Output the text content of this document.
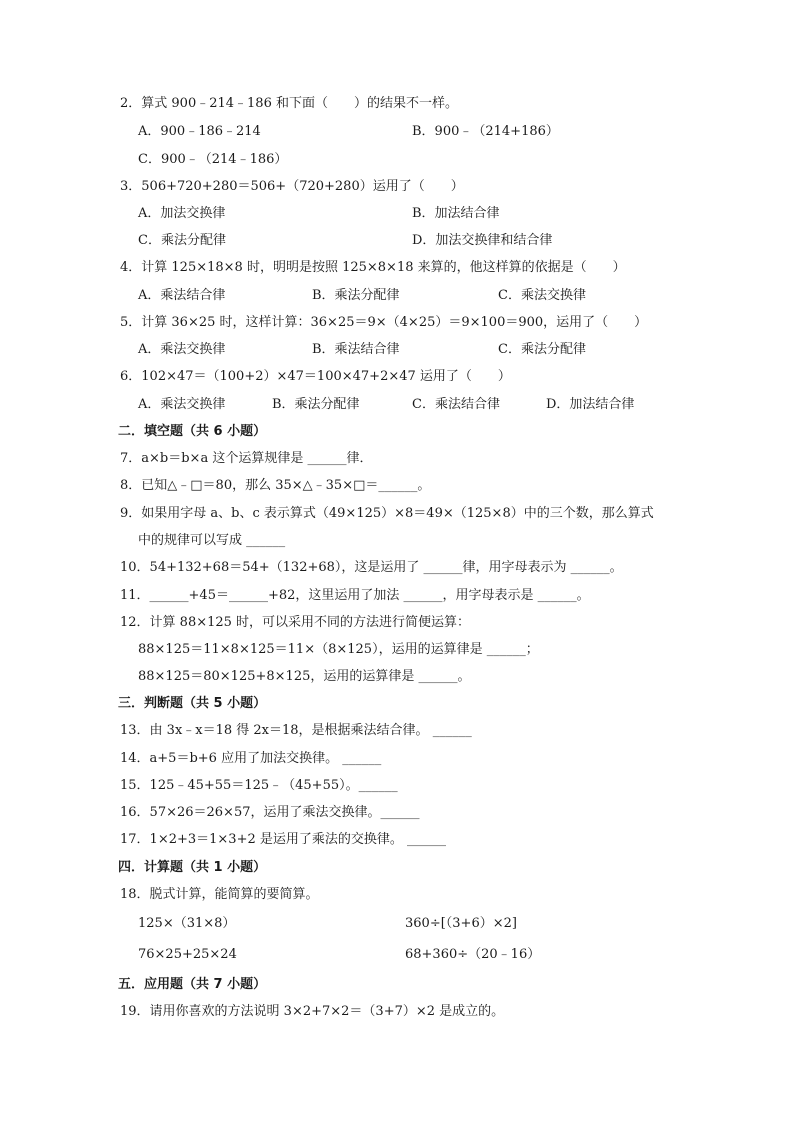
2．算式 900﹣214﹣186 和下面（　　）的结果不一样。
A．900﹣186﹣214	B．900﹣（214+186）
C．900﹣（214﹣186）
3．506+720+280＝506+（720+280）运用了（　　）
A．加法交换律	B．加法结合律
C．乘法分配律	D．加法交换律和结合律
4．计算 125×18×8 时，明明是按照 125×8×18 来算的，他这样算的依据是（　　）
A．乘法结合律	B．乘法分配律	C．乘法交换律
5．计算 36×25 时，这样计算：36×25＝9×（4×25）＝9×100＝900，运用了（　　）
A．乘法交换律	B．乘法结合律	C．乘法分配律
6．102×47＝（100+2）×47＝100×47+2×47 运用了（　　）
A．乘法交换律	B．乘法分配律	C．乘法结合律	D．加法结合律
二．填空题（共 6 小题）
7．a×b＝b×a 这个运算规律是 ______律．
8．已知△﹣□＝80，那么 35×△﹣35×□＝______。
9．如果用字母 a、b、c 表示算式（49×125）×8＝49×（125×8）中的三个数，那么算式
中的规律可以写成 ______
10．54+132+68＝54+（132+68），这是运用了 ______律，用字母表示为 ______。
11．______+45＝______+82，这里运用了加法 ______，用字母表示是 ______。
12．计算 88×125 时，可以采用不同的方法进行简便运算：
88×125＝11×8×125＝11×（8×125），运用的运算律是 ______；
88×125＝80×125+8×125，运用的运算律是 ______。
三．判断题（共 5 小题）
13．由 3x﹣x＝18 得 2x＝18，是根据乘法结合律。 ______
14．a+5＝b+6 应用了加法交换律。 ______
15．125﹣45+55＝125﹣（45+55）。______
16．57×26＝26×57，运用了乘法交换律。______
17．1×2+3＝1×3+2 是运用了乘法的交换律。 ______
四．计算题（共 1 小题）
18．脱式计算，能简算的要简算。
125×（31×8）	360÷[（3+6）×2]
76×25+25×24	68+360÷（20﹣16）
五．应用题（共 7 小题）
19．请用你喜欢的方法说明 3×2+7×2＝（3+7）×2 是成立的。
